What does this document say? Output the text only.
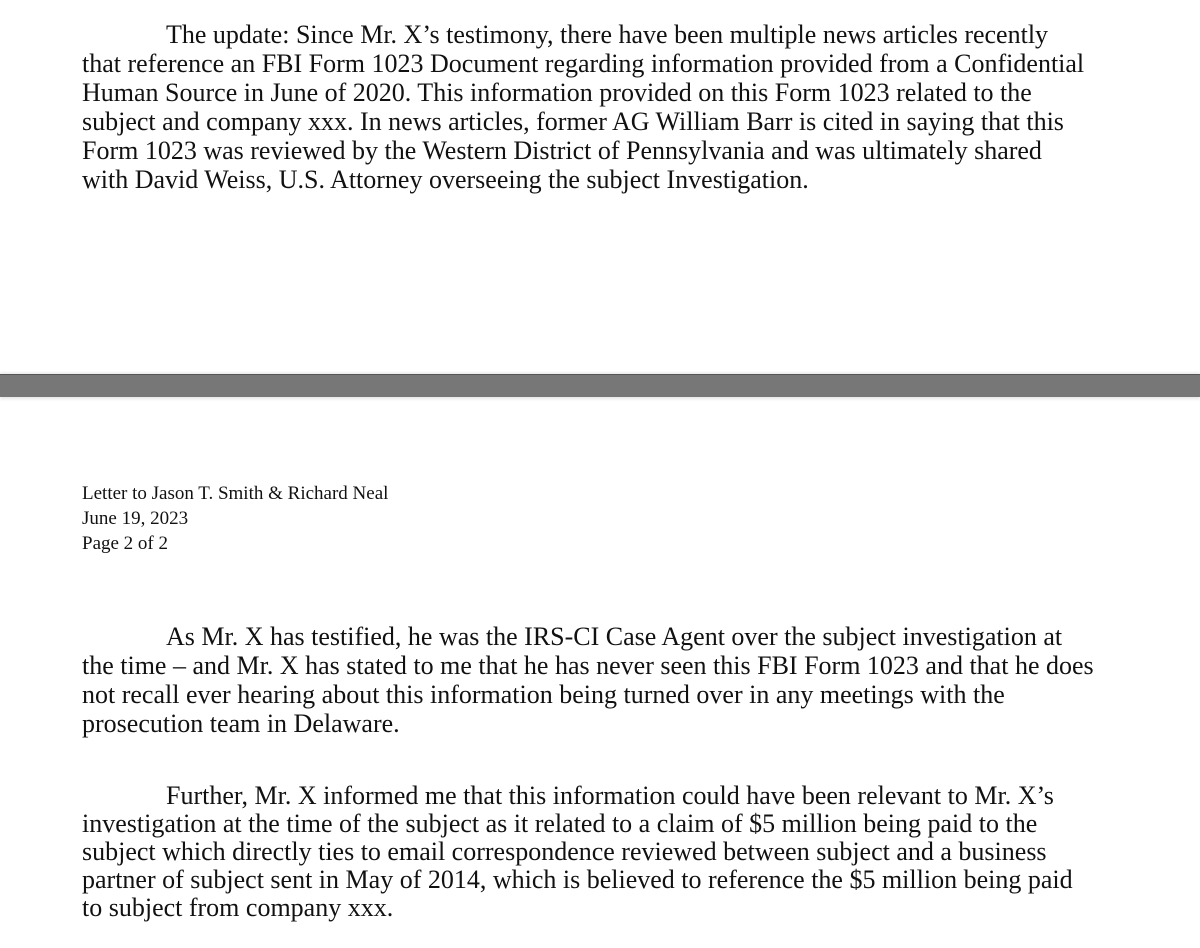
The update: Since Mr. X’s testimony, there have been multiple news articles recently
that reference an FBI Form 1023 Document regarding information provided from a Confidential
Human Source in June of 2020. This information provided on this Form 1023 related to the
subject and company xxx. In news articles, former AG William Barr is cited in saying that this
Form 1023 was reviewed by the Western District of Pennsylvania and was ultimately shared
with David Weiss, U.S. Attorney overseeing the subject Investigation.
Letter to Jason T. Smith & Richard Neal
June 19, 2023
Page 2 of 2
As Mr. X has testified, he was the IRS-CI Case Agent over the subject investigation at
the time – and Mr. X has stated to me that he has never seen this FBI Form 1023 and that he does
not recall ever hearing about this information being turned over in any meetings with the
prosecution team in Delaware.
Further, Mr. X informed me that this information could have been relevant to Mr. X’s
investigation at the time of the subject as it related to a claim of $5 million being paid to the
subject which directly ties to email correspondence reviewed between subject and a business
partner of subject sent in May of 2014, which is believed to reference the $5 million being paid
to subject from company xxx.
